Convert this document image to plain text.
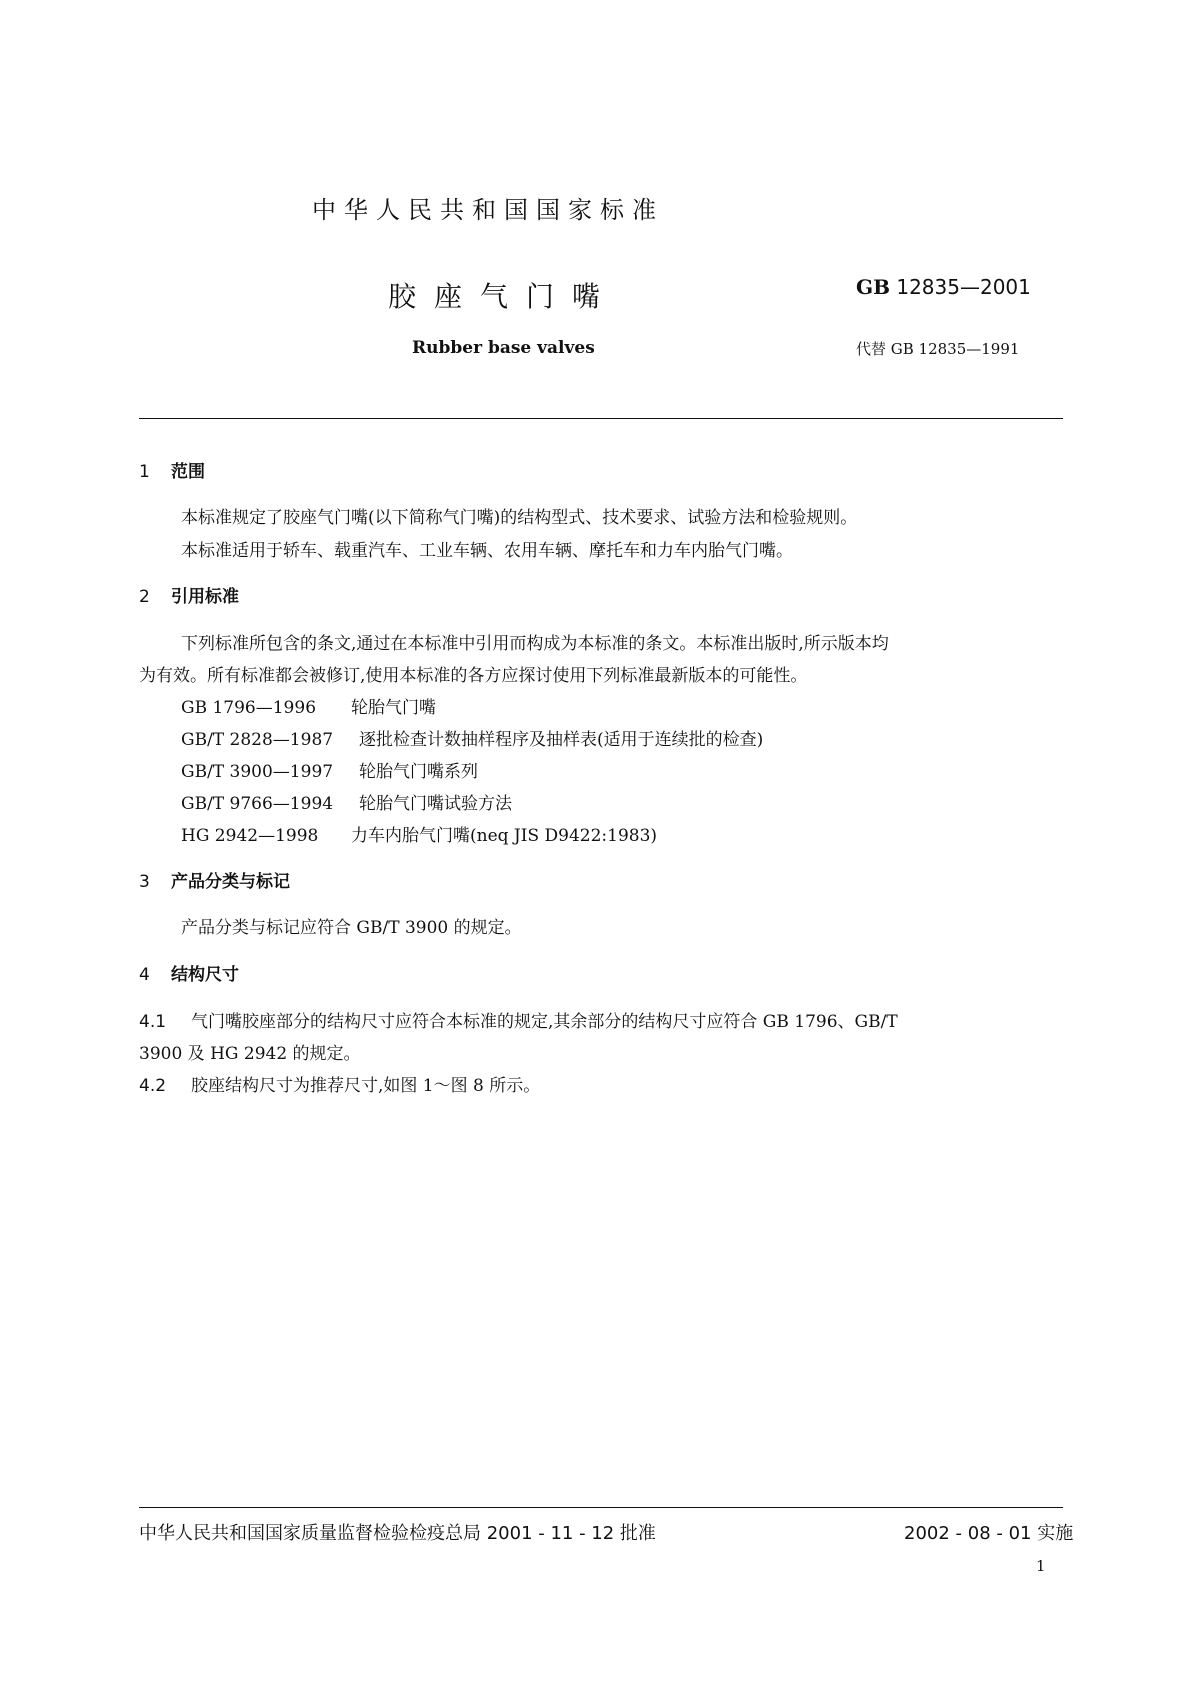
中华人民共和国国家标准
胶座气门嘴	GB 12835—2001
Rubber base valves	代替 GB 12835—1991
1 范围
本标准规定了胶座气门嘴(以下简称气门嘴)的结构型式、技术要求、试验方法和检验规则。
本标准适用于轿车、载重汽车、工业车辆、农用车辆、摩托车和力车内胎气门嘴。
2 引用标准
下列标准所包含的条文,通过在本标准中引用而构成为本标准的条文。本标准出版时,所示版本均
为有效。所有标准都会被修订,使用本标准的各方应探讨使用下列标准最新版本的可能性。
GB 1796—1996 轮胎气门嘴
GB/T 2828—1987 逐批检查计数抽样程序及抽样表(适用于连续批的检查)
GB/T 3900—1997 轮胎气门嘴系列
GB/T 9766—1994 轮胎气门嘴试验方法
HG 2942—1998 力车内胎气门嘴(neq JIS D9422:1983)
3 产品分类与标记
产品分类与标记应符合 GB/T 3900 的规定。
4 结构尺寸
4.1 气门嘴胶座部分的结构尺寸应符合本标准的规定,其余部分的结构尺寸应符合 GB 1796、GB/T
3900 及 HG 2942 的规定。
4.2 胶座结构尺寸为推荐尺寸,如图 1～图 8 所示。
中华人民共和国国家质量监督检验检疫总局 2001 - 11 - 12 批准	2002 - 08 - 01 实施
1
